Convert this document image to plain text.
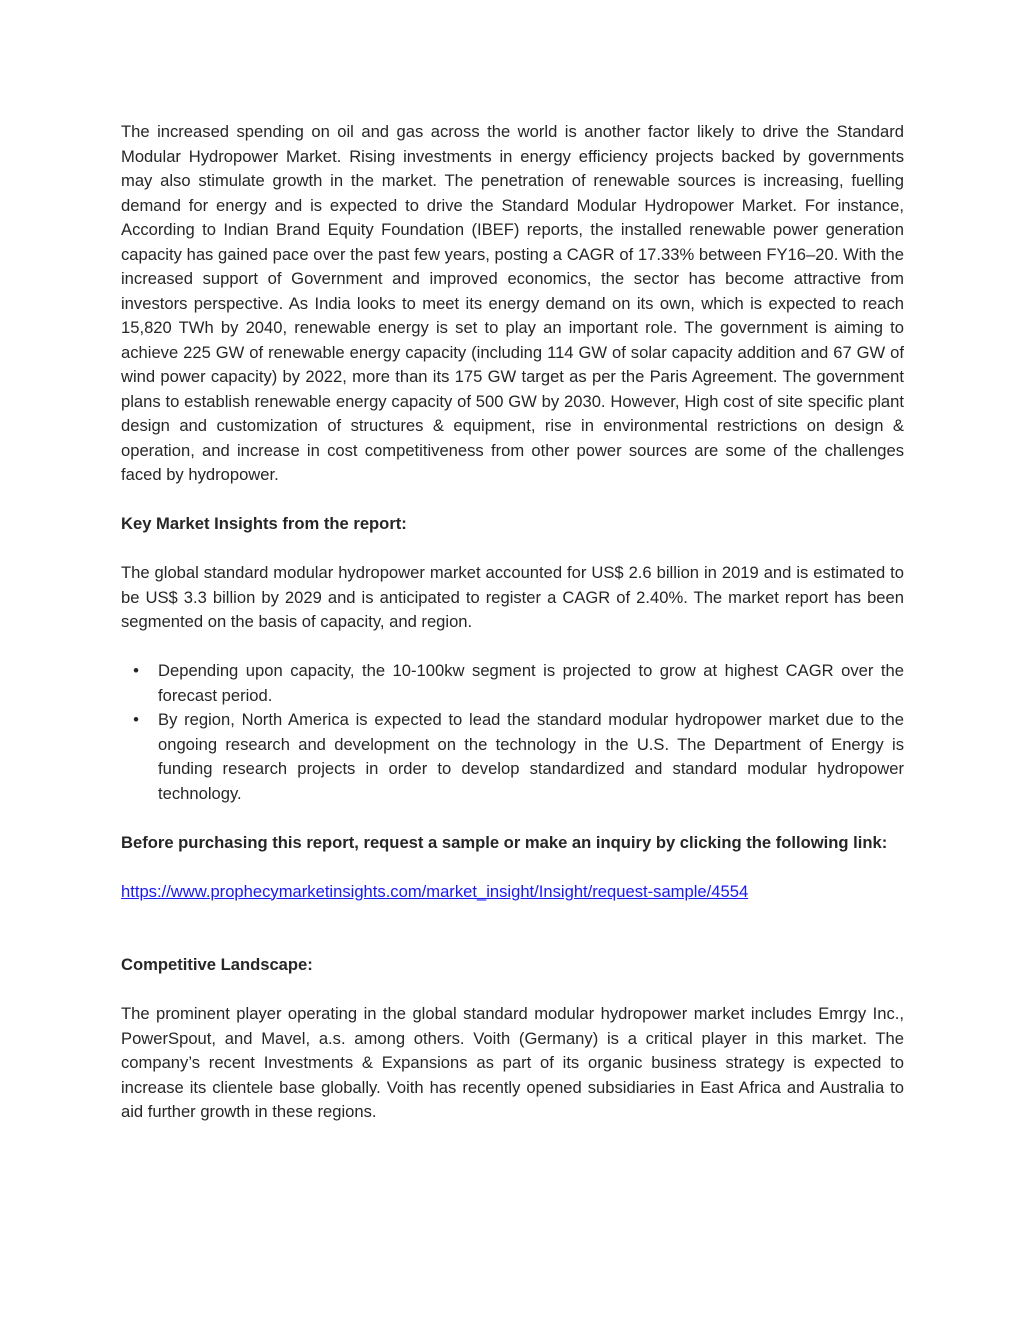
The increased spending on oil and gas across the world is another factor likely to drive the Standard Modular Hydropower Market. Rising investments in energy efficiency projects backed by governments may also stimulate growth in the market. The penetration of renewable sources is increasing, fuelling demand for energy and is expected to drive the Standard Modular Hydropower Market. For instance, According to Indian Brand Equity Foundation (IBEF) reports, the installed renewable power generation capacity has gained pace over the past few years, posting a CAGR of 17.33% between FY16–20. With the increased support of Government and improved economics, the sector has become attractive from investors perspective. As India looks to meet its energy demand on its own, which is expected to reach 15,820 TWh by 2040, renewable energy is set to play an important role. The government is aiming to achieve 225 GW of renewable energy capacity (including 114 GW of solar capacity addition and 67 GW of wind power capacity) by 2022, more than its 175 GW target as per the Paris Agreement. The government plans to establish renewable energy capacity of 500 GW by 2030. However, High cost of site specific plant design and customization of structures & equipment, rise in environmental restrictions on design & operation, and increase in cost competitiveness from other power sources are some of the challenges faced by hydropower.

Key Market Insights from the report:

The global standard modular hydropower market accounted for US$ 2.6 billion in 2019 and is estimated to be US$ 3.3 billion by 2029 and is anticipated to register a CAGR of 2.40%. The market report has been segmented on the basis of capacity, and region.

• Depending upon capacity, the 10-100kw segment is projected to grow at highest CAGR over the forecast period.
• By region, North America is expected to lead the standard modular hydropower market due to the ongoing research and development on the technology in the U.S. The Department of Energy is funding research projects in order to develop standardized and standard modular hydropower technology.

Before purchasing this report, request a sample or make an inquiry by clicking the following link:

https://www.prophecymarketinsights.com/market_insight/Insight/request-sample/4554

Competitive Landscape:

The prominent player operating in the global standard modular hydropower market includes Emrgy Inc., PowerSpout, and Mavel, a.s. among others. Voith (Germany) is a critical player in this market. The company’s recent Investments & Expansions as part of its organic business strategy is expected to increase its clientele base globally. Voith has recently opened subsidiaries in East Africa and Australia to aid further growth in these regions.
